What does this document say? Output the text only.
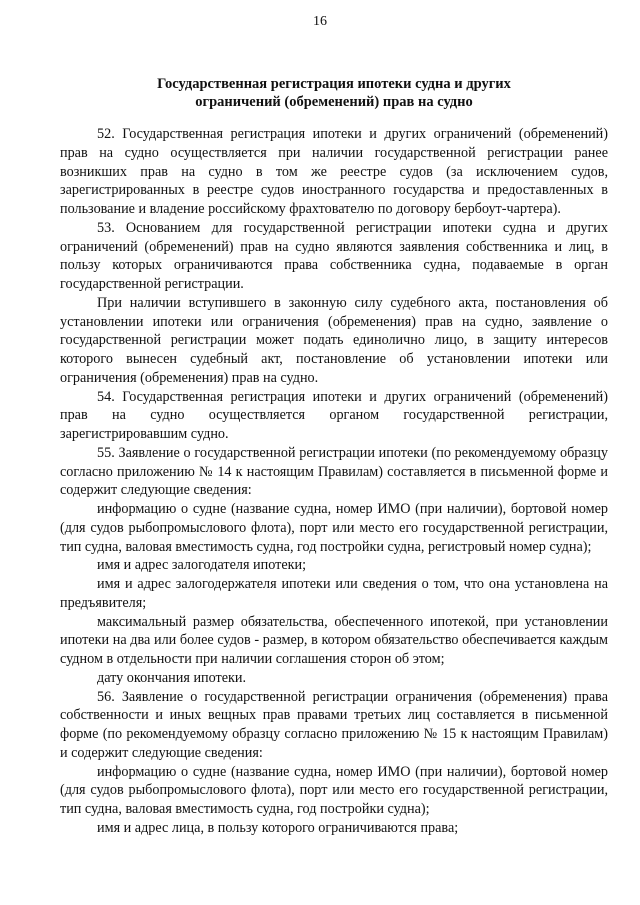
16
Государственная регистрация ипотеки судна и других
ограничений (обременений) прав на судно

52. Государственная регистрация ипотеки и других ограничений (обременений) прав на судно осуществляется при наличии государственной регистрации ранее возникших прав на судно в том же реестре судов (за исключением судов, зарегистрированных в реестре судов иностранного государства и предоставленных в пользование и владение российскому фрахтователю по договору бербоут-чартера).

53. Основанием для государственной регистрации ипотеки судна и других ограничений (обременений) прав на судно являются заявления собственника и лиц, в пользу которых ограничиваются права собственника судна, подаваемые в орган государственной регистрации.

При наличии вступившего в законную силу судебного акта, постановления об установлении ипотеки или ограничения (обременения) прав на судно, заявление о государственной регистрации может подать единолично лицо, в защиту интересов которого вынесен судебный акт, постановление об установлении ипотеки или ограничения (обременения) прав на судно.

54. Государственная регистрация ипотеки и других ограничений (обременений) прав на судно осуществляется органом государственной регистрации, зарегистрировавшим судно.

55. Заявление о государственной регистрации ипотеки (по рекомендуемому образцу согласно приложению № 14 к настоящим Правилам) составляется в письменной форме и содержит следующие сведения:

информацию о судне (название судна, номер ИМО (при наличии), бортовой номер (для судов рыбопромыслового флота), порт или место его государственной регистрации, тип судна, валовая вместимость судна, год постройки судна, регистровый номер судна);

имя и адрес залогодателя ипотеки;

имя и адрес залогодержателя ипотеки или сведения о том, что она установлена на предъявителя;

максимальный размер обязательства, обеспеченного ипотекой, при установлении ипотеки на два или более судов - размер, в котором обязательство обеспечивается каждым судном в отдельности при наличии соглашения сторон об этом;

дату окончания ипотеки.

56. Заявление о государственной регистрации ограничения (обременения) права собственности и иных вещных прав правами третьих лиц составляется в письменной форме (по рекомендуемому образцу согласно приложению № 15 к настоящим Правилам) и содержит следующие сведения:

информацию о судне (название судна, номер ИМО (при наличии), бортовой номер (для судов рыбопромыслового флота), порт или место его государственной регистрации, тип судна, валовая вместимость судна, год постройки судна);

имя и адрес лица, в пользу которого ограничиваются права;
